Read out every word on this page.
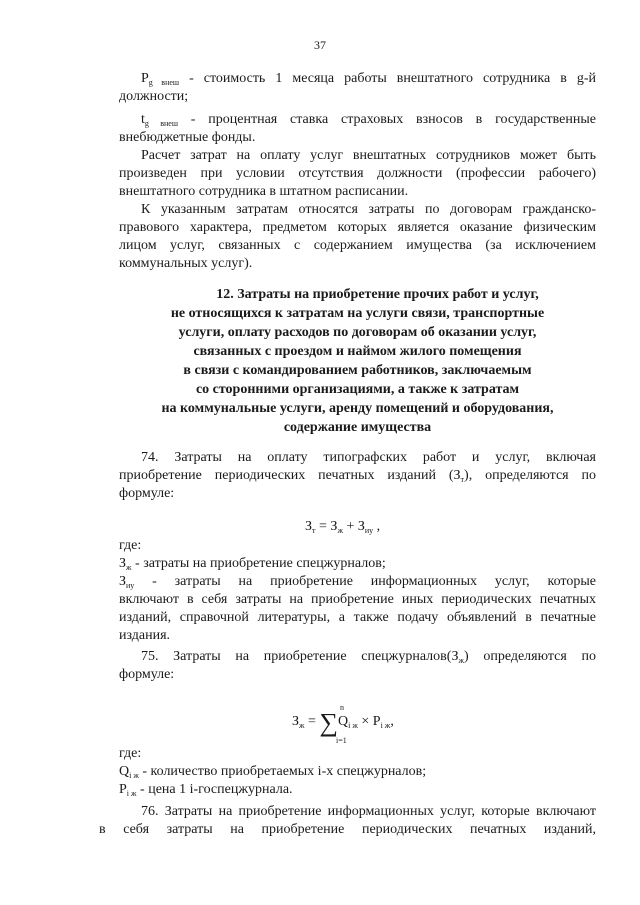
37
$P_{g внеш}$ - стоимость 1 месяца работы внештатного сотрудника в g-й
должности;
$t_{g внеш}$ - процентная ставка страховых взносов в государственные
внебюджетные фонды.
Расчет затрат на оплату услуг внештатных сотрудников может быть
произведен при условии отсутствия должности (профессии рабочего)
внештатного сотрудника в штатном расписании.
К указанным затратам относятся затраты по договорам гражданско-
правового характера, предметом которых является оказание физическим
лицом услуг, связанных с содержанием имущества (за исключением
коммунальных услуг).
12. Затраты на приобретение прочих работ и услуг,
не относящихся к затратам на услуги связи, транспортные
услуги, оплату расходов по договорам об оказании услуг,
связанных с проездом и наймом жилого помещения
в связи с командированием работников, заключаемым
со сторонними организациями, а также к затратам
на коммунальные услуги, аренду помещений и оборудования,
содержание имущества
74. Затраты на оплату типографских работ и услуг, включая
приобретение периодических печатных изданий $(З_т)$, определяются по
формуле:
$З_т = З_ж + З_{иу}$ ,
где:
$З_ж$ - затраты на приобретение спецжурналов;
$З_{иу}$ - затраты на приобретение информационных услуг, которые
включают в себя затраты на приобретение иных периодических печатных
изданий, справочной литературы, а также подачу объявлений в печатные
издания.
75. Затраты на приобретение $спецжурналов(З_ж)$ определяются по
формуле:
$З_ж = \sum Q_{i ж} \times P_{i ж}$,
n
i=1
где:
$Q_{i ж}$ - количество приобретаемых i-х спецжурналов;
$P_{i ж}$ - цена 1 i-госпецжурнала.
76. Затраты на приобретение информационных услуг, которые включают
в себя затраты на приобретение периодических печатных изданий,
